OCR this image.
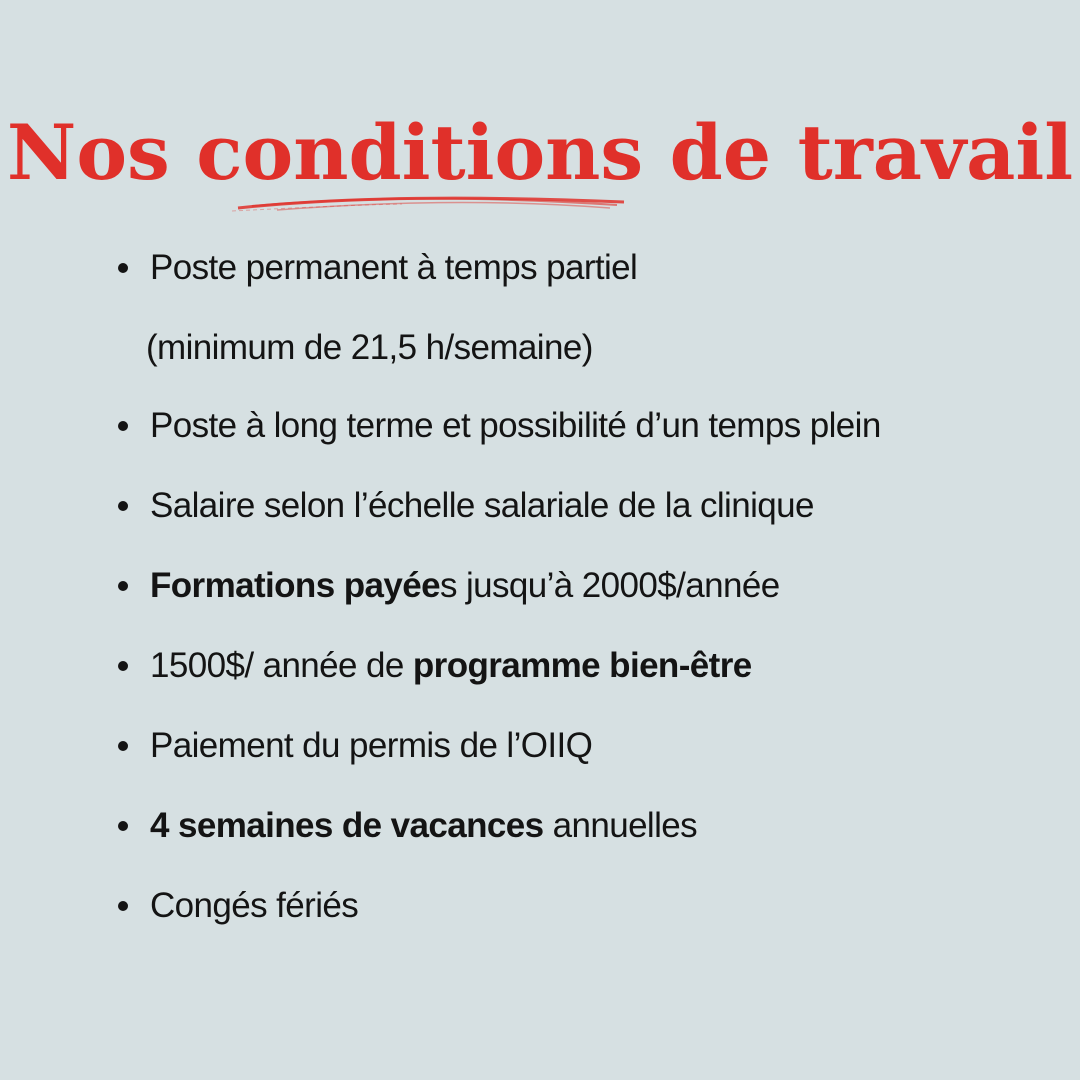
Nos conditions de travail
Poste permanent à temps partiel
(minimum de 21,5 h/semaine)
Poste à long terme et possibilité d’un temps plein
Salaire selon l’échelle salariale de la clinique
Formations payées jusqu’à 2000$/année
1500$/ année de programme bien-être
Paiement du permis de l’OIIQ
4 semaines de vacances annuelles
Congés fériés
